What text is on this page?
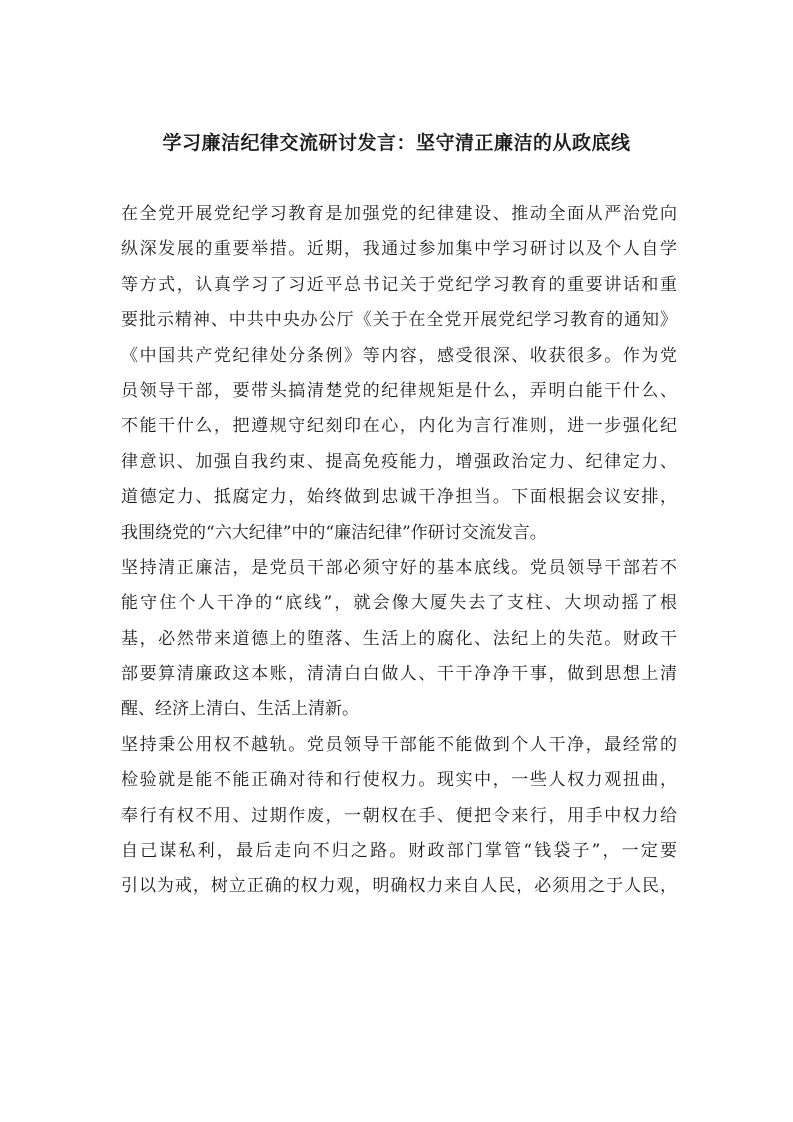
学习廉洁纪律交流研讨发言：坚守清正廉洁的从政底线

在全党开展党纪学习教育是加强党的纪律建设、推动全面从严治党向
纵深发展的重要举措。近期，我通过参加集中学习研讨以及个人自学
等方式，认真学习了习近平总书记关于党纪学习教育的重要讲话和重
要批示精神、中共中央办公厅《关于在全党开展党纪学习教育的通知》
《中国共产党纪律处分条例》等内容，感受很深、收获很多。作为党
员领导干部，要带头搞清楚党的纪律规矩是什么，弄明白能干什么、
不能干什么，把遵规守纪刻印在心，内化为言行准则，进一步强化纪
律意识、加强自我约束、提高免疫能力，增强政治定力、纪律定力、
道德定力、抵腐定力，始终做到忠诚干净担当。下面根据会议安排，
我围绕党的“六大纪律”中的“廉洁纪律”作研讨交流发言。

坚持清正廉洁，是党员干部必须守好的基本底线。党员领导干部若不
能守住个人干净的“底线”，就会像大厦失去了支柱、大坝动摇了根
基，必然带来道德上的堕落、生活上的腐化、法纪上的失范。财政干
部要算清廉政这本账，清清白白做人、干干净净干事，做到思想上清
醒、经济上清白、生活上清新。

坚持秉公用权不越轨。党员领导干部能不能做到个人干净，最经常的
检验就是能不能正确对待和行使权力。现实中，一些人权力观扭曲，
奉行有权不用、过期作废，一朝权在手、便把令来行，用手中权力给
自己谋私利，最后走向不归之路。财政部门掌管“钱袋子”，一定要
引以为戒，树立正确的权力观，明确权力来自人民，必须用之于人民，
